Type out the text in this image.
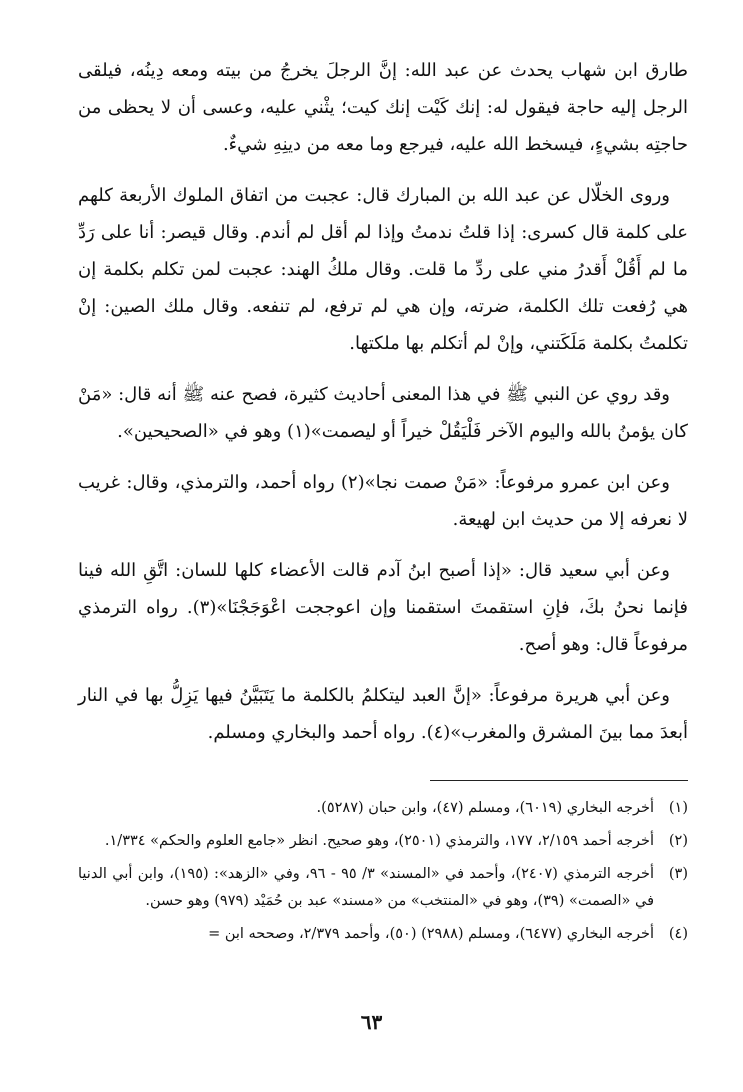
طارق ابن شهاب يحدث عن عبد الله: إنَّ الرجلَ يخرجُ من بيته ومعه دِينُه، فيلقى الرجل إليه حاجة فيقول له: إنك كَيْت إنك كيت؛ يثْني عليه، وعسى أن لا يحظى من حاجتِه بشيءٍ، فيسخط الله عليه، فيرجع وما معه من دينِهِ شيءٌ.

وروى الخلّال عن عبد الله بن المبارك قال: عجبت من اتفاق الملوك الأربعة كلهم على كلمة قال كسرى: إذا قلتُ ندمتُ وإذا لم أقل لم أندم. وقال قيصر: أنا على رَدِّ ما لم أَقُلْ أَقدرُ مني على ردِّ ما قلت. وقال ملكُ الهند: عجبت لمن تكلم بكلمة إن هي رُفعت تلك الكلمة، ضرته، وإن هي لم ترفع، لم تنفعه. وقال ملك الصين: إنْ تكلمتُ بكلمة مَلَكَتني، وإنْ لم أتكلم بها ملكتها.

وقد روي عن النبي ﷺ في هذا المعنى أحاديث كثيرة، فصح عنه ﷺ أنه قال: «مَنْ كان يؤمنُ بالله واليوم الآخر فَلْيَقُلْ خيراً أو ليصمت»(١) وهو في «الصحيحين».

وعن ابن عمرو مرفوعاً: «مَنْ صمت نجا»(٢) رواه أحمد، والترمذي، وقال: غريب لا نعرفه إلا من حديث ابن لهيعة.

وعن أبي سعيد قال: «إذا أصبح ابنُ آدم قالت الأعضاء كلها للسان: اتَّقِ الله فينا فإنما نحنُ بكَ، فإنِ استقمتَ استقمنا وإن اعوججت اعْوَجَجْنَا»(٣). رواه الترمذي مرفوعاً قال: وهو أصح.

وعن أبي هريرة مرفوعاً: «إنَّ العبد ليتكلمُ بالكلمة ما يَتَبَيَّنُ فيها يَزِلُّ بها في النار أبعدَ مما بينَ المشرق والمغرب»(٤). رواه أحمد والبخاري ومسلم.

(١)
أخرجه البخاري (٦٠١٩)، ومسلم (٤٧)، وابن حبان (٥٢٨٧).
(٢)
أخرجه أحمد ٢/١٥٩، ١٧٧، والترمذي (٢٥٠١)، وهو صحيح. انظر «جامع العلوم والحكم» ١/٣٣٤.
(٣)
أخرجه الترمذي (٢٤٠٧)، وأحمد في «المسند» ٣/ ٩٥ - ٩٦، وفي «الزهد»: (١٩٥)، وابن أبي الدنيا في «الصمت» (٣٩)، وهو في «المنتخب» من «مسند» عبد بن حُمَيْد (٩٧٩) وهو حسن.
(٤)
أخرجه البخاري (٦٤٧٧)، ومسلم (٢٩٨٨) (٥٠)، وأحمد ٢/٣٧٩، وصححه ابن =
٦٣
